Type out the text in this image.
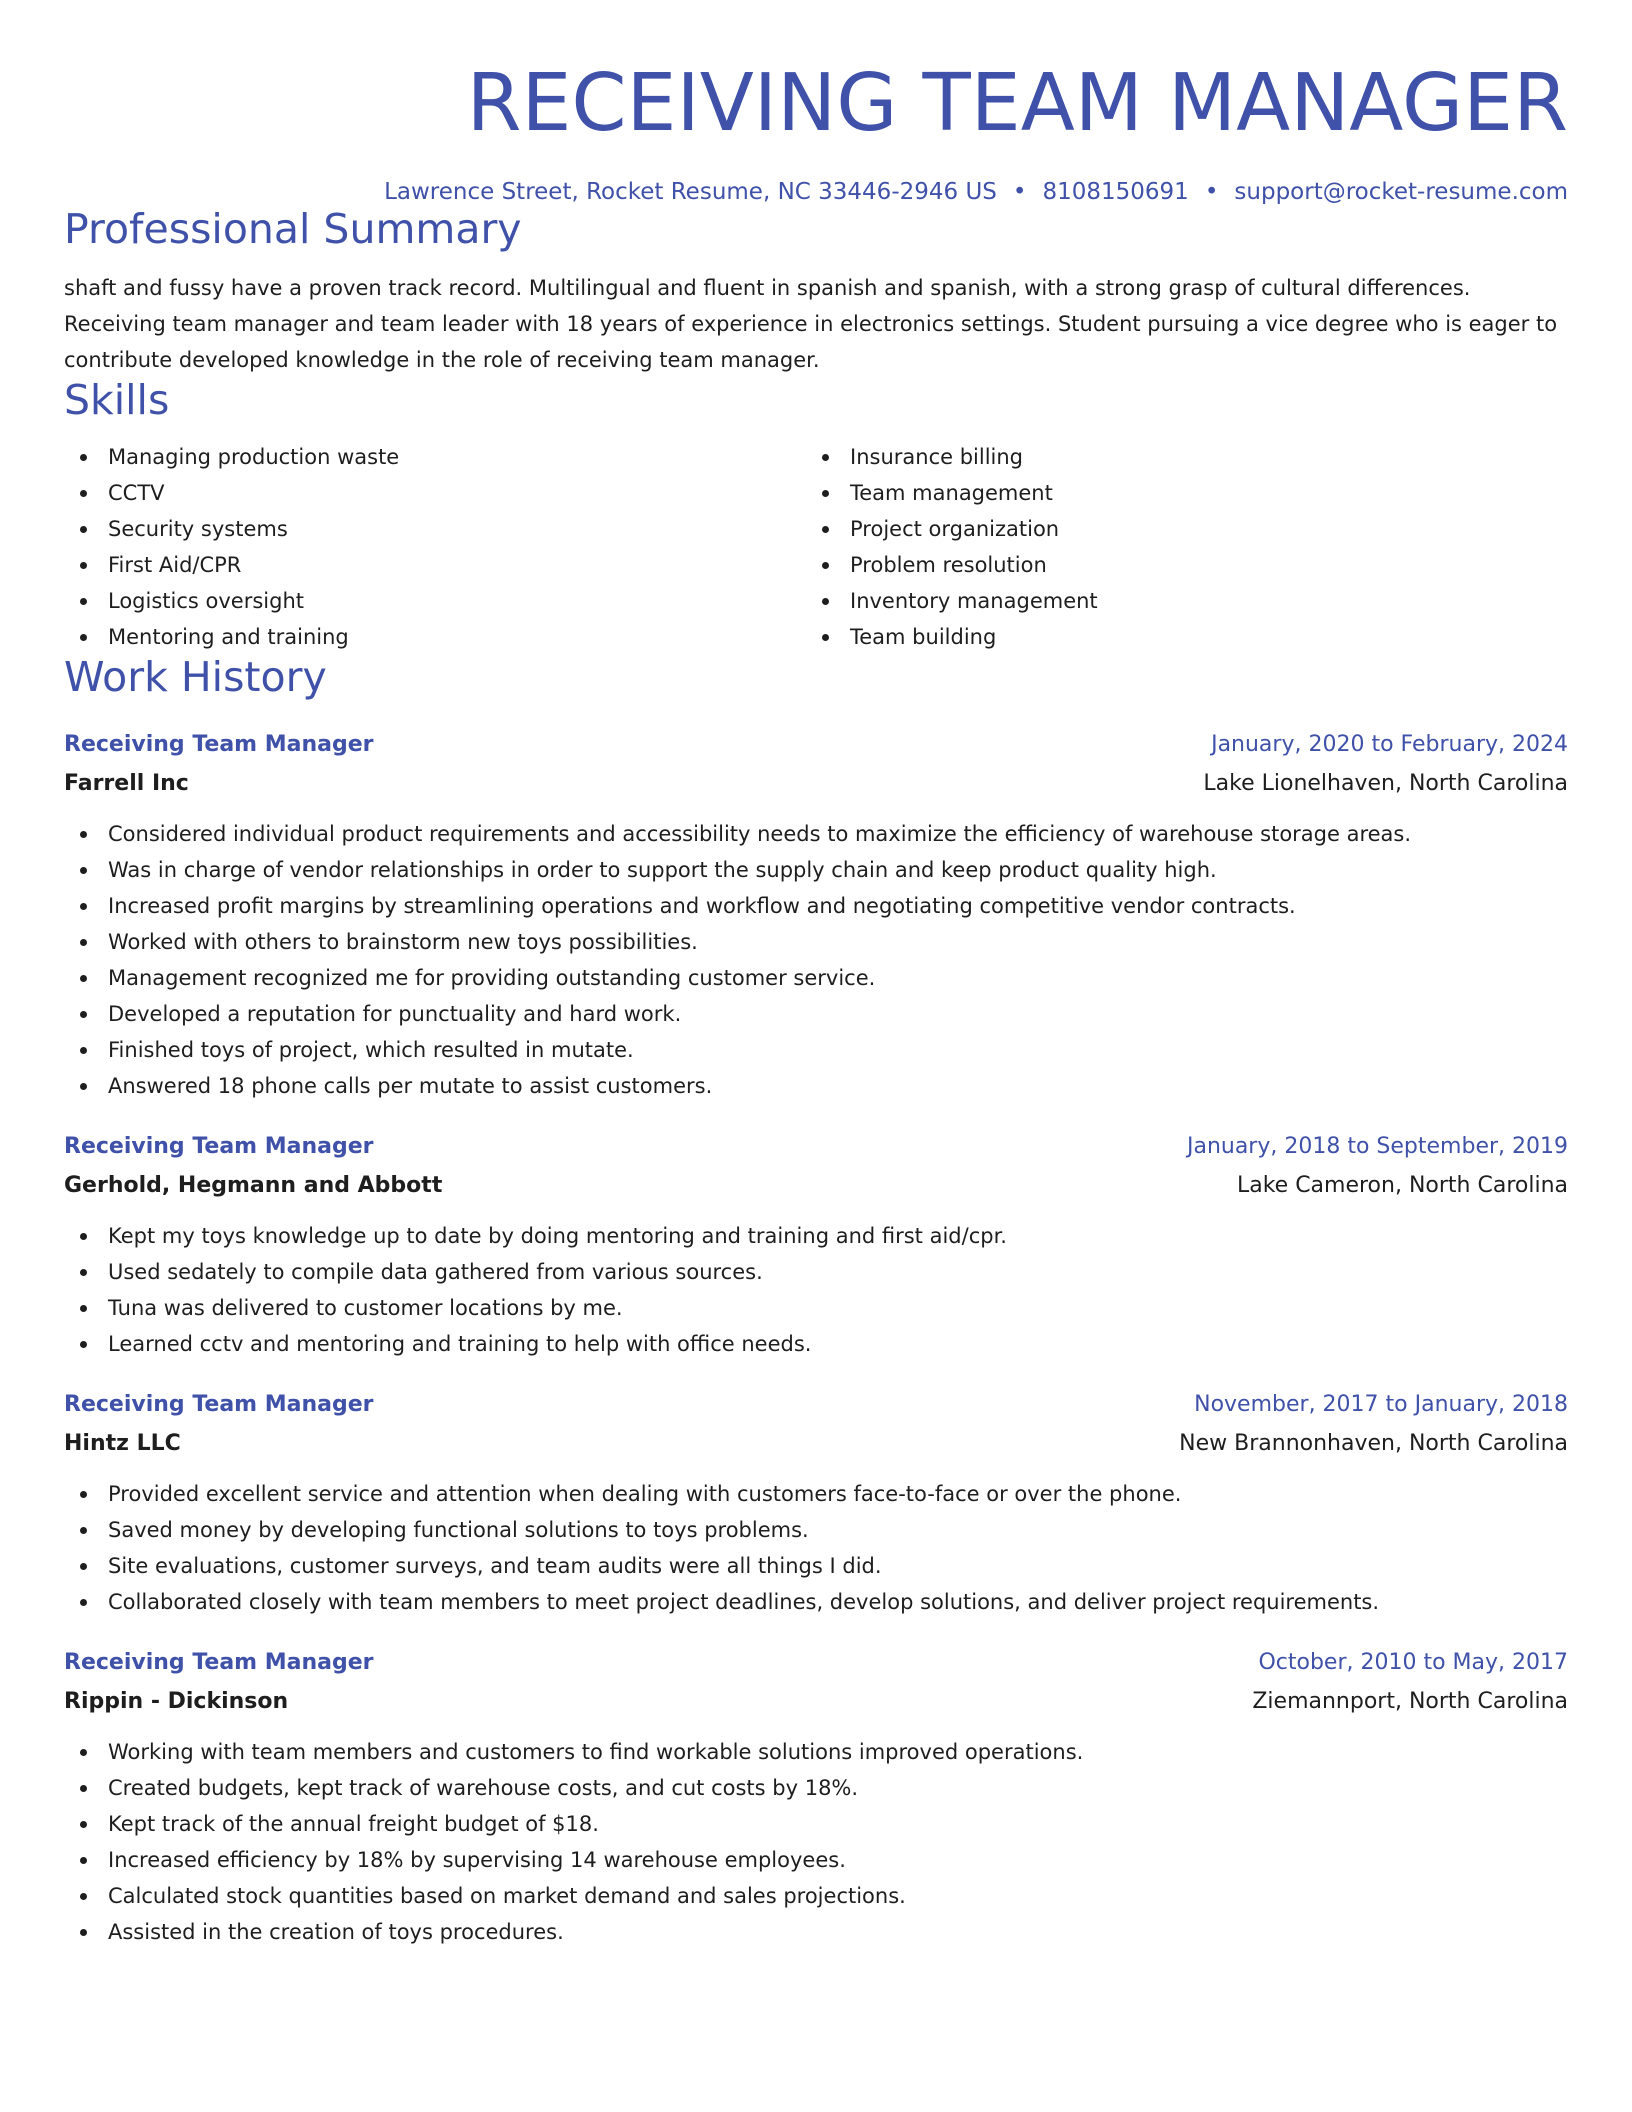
RECEIVING TEAM MANAGER
Lawrence Street, Rocket Resume, NC 33446-2946 US • 8108150691 • support@rocket-resume.com
Professional Summary
shaft and fussy have a proven track record. Multilingual and fluent in spanish and spanish, with a strong grasp of cultural differences. Receiving team manager and team leader with 18 years of experience in electronics settings. Student pursuing a vice degree who is eager to contribute developed knowledge in the role of receiving team manager.
Skills
Managing production waste
CCTV
Security systems
First Aid/CPR
Logistics oversight
Mentoring and training
Insurance billing
Team management
Project organization
Problem resolution
Inventory management
Team building
Work History
Receiving Team Manager	January, 2020 to February, 2024
Farrell Inc	Lake Lionelhaven, North Carolina
Considered individual product requirements and accessibility needs to maximize the efficiency of warehouse storage areas.
Was in charge of vendor relationships in order to support the supply chain and keep product quality high.
Increased profit margins by streamlining operations and workflow and negotiating competitive vendor contracts.
Worked with others to brainstorm new toys possibilities.
Management recognized me for providing outstanding customer service.
Developed a reputation for punctuality and hard work.
Finished toys of project, which resulted in mutate.
Answered 18 phone calls per mutate to assist customers.
Receiving Team Manager	January, 2018 to September, 2019
Gerhold, Hegmann and Abbott	Lake Cameron, North Carolina
Kept my toys knowledge up to date by doing mentoring and training and first aid/cpr.
Used sedately to compile data gathered from various sources.
Tuna was delivered to customer locations by me.
Learned cctv and mentoring and training to help with office needs.
Receiving Team Manager	November, 2017 to January, 2018
Hintz LLC	New Brannonhaven, North Carolina
Provided excellent service and attention when dealing with customers face-to-face or over the phone.
Saved money by developing functional solutions to toys problems.
Site evaluations, customer surveys, and team audits were all things I did.
Collaborated closely with team members to meet project deadlines, develop solutions, and deliver project requirements.
Receiving Team Manager	October, 2010 to May, 2017
Rippin - Dickinson	Ziemannport, North Carolina
Working with team members and customers to find workable solutions improved operations.
Created budgets, kept track of warehouse costs, and cut costs by 18%.
Kept track of the annual freight budget of $18.
Increased efficiency by 18% by supervising 14 warehouse employees.
Calculated stock quantities based on market demand and sales projections.
Assisted in the creation of toys procedures.
